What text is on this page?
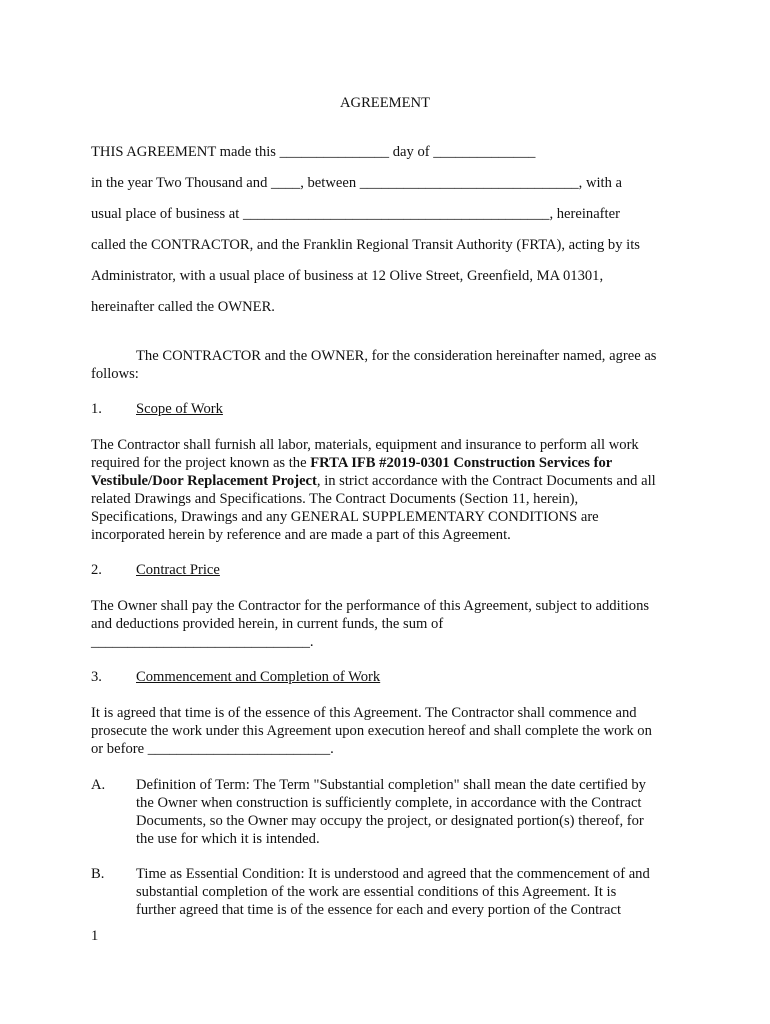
AGREEMENT
THIS AGREEMENT made this _______________ day of ______________
in the year Two Thousand and ____, between ______________________________, with a
usual place of business at __________________________________________, hereinafter
called the CONTRACTOR, and the Franklin Regional Transit Authority (FRTA), acting by its
Administrator, with a usual place of business at 12 Olive Street, Greenfield, MA 01301,
hereinafter called the OWNER.
The CONTRACTOR and the OWNER, for the consideration hereinafter named, agree as
follows:
1. Scope of Work
The Contractor shall furnish all labor, materials, equipment and insurance to perform all work
required for the project known as the FRTA IFB #2019-0301 Construction Services for
Vestibule/Door Replacement Project, in strict accordance with the Contract Documents and all
related Drawings and Specifications. The Contract Documents (Section 11, herein),
Specifications, Drawings and any GENERAL SUPPLEMENTARY CONDITIONS are
incorporated herein by reference and are made a part of this Agreement.
2. Contract Price
The Owner shall pay the Contractor for the performance of this Agreement, subject to additions
and deductions provided herein, in current funds, the sum of
______________________________.
3. Commencement and Completion of Work
It is agreed that time is of the essence of this Agreement. The Contractor shall commence and
prosecute the work under this Agreement upon execution hereof and shall complete the work on
or before _________________________.
A. Definition of Term: The Term "Substantial completion" shall mean the date certified by
the Owner when construction is sufficiently complete, in accordance with the Contract
Documents, so the Owner may occupy the project, or designated portion(s) thereof, for
the use for which it is intended.
B. Time as Essential Condition: It is understood and agreed that the commencement of and
substantial completion of the work are essential conditions of this Agreement. It is
further agreed that time is of the essence for each and every portion of the Contract
1
